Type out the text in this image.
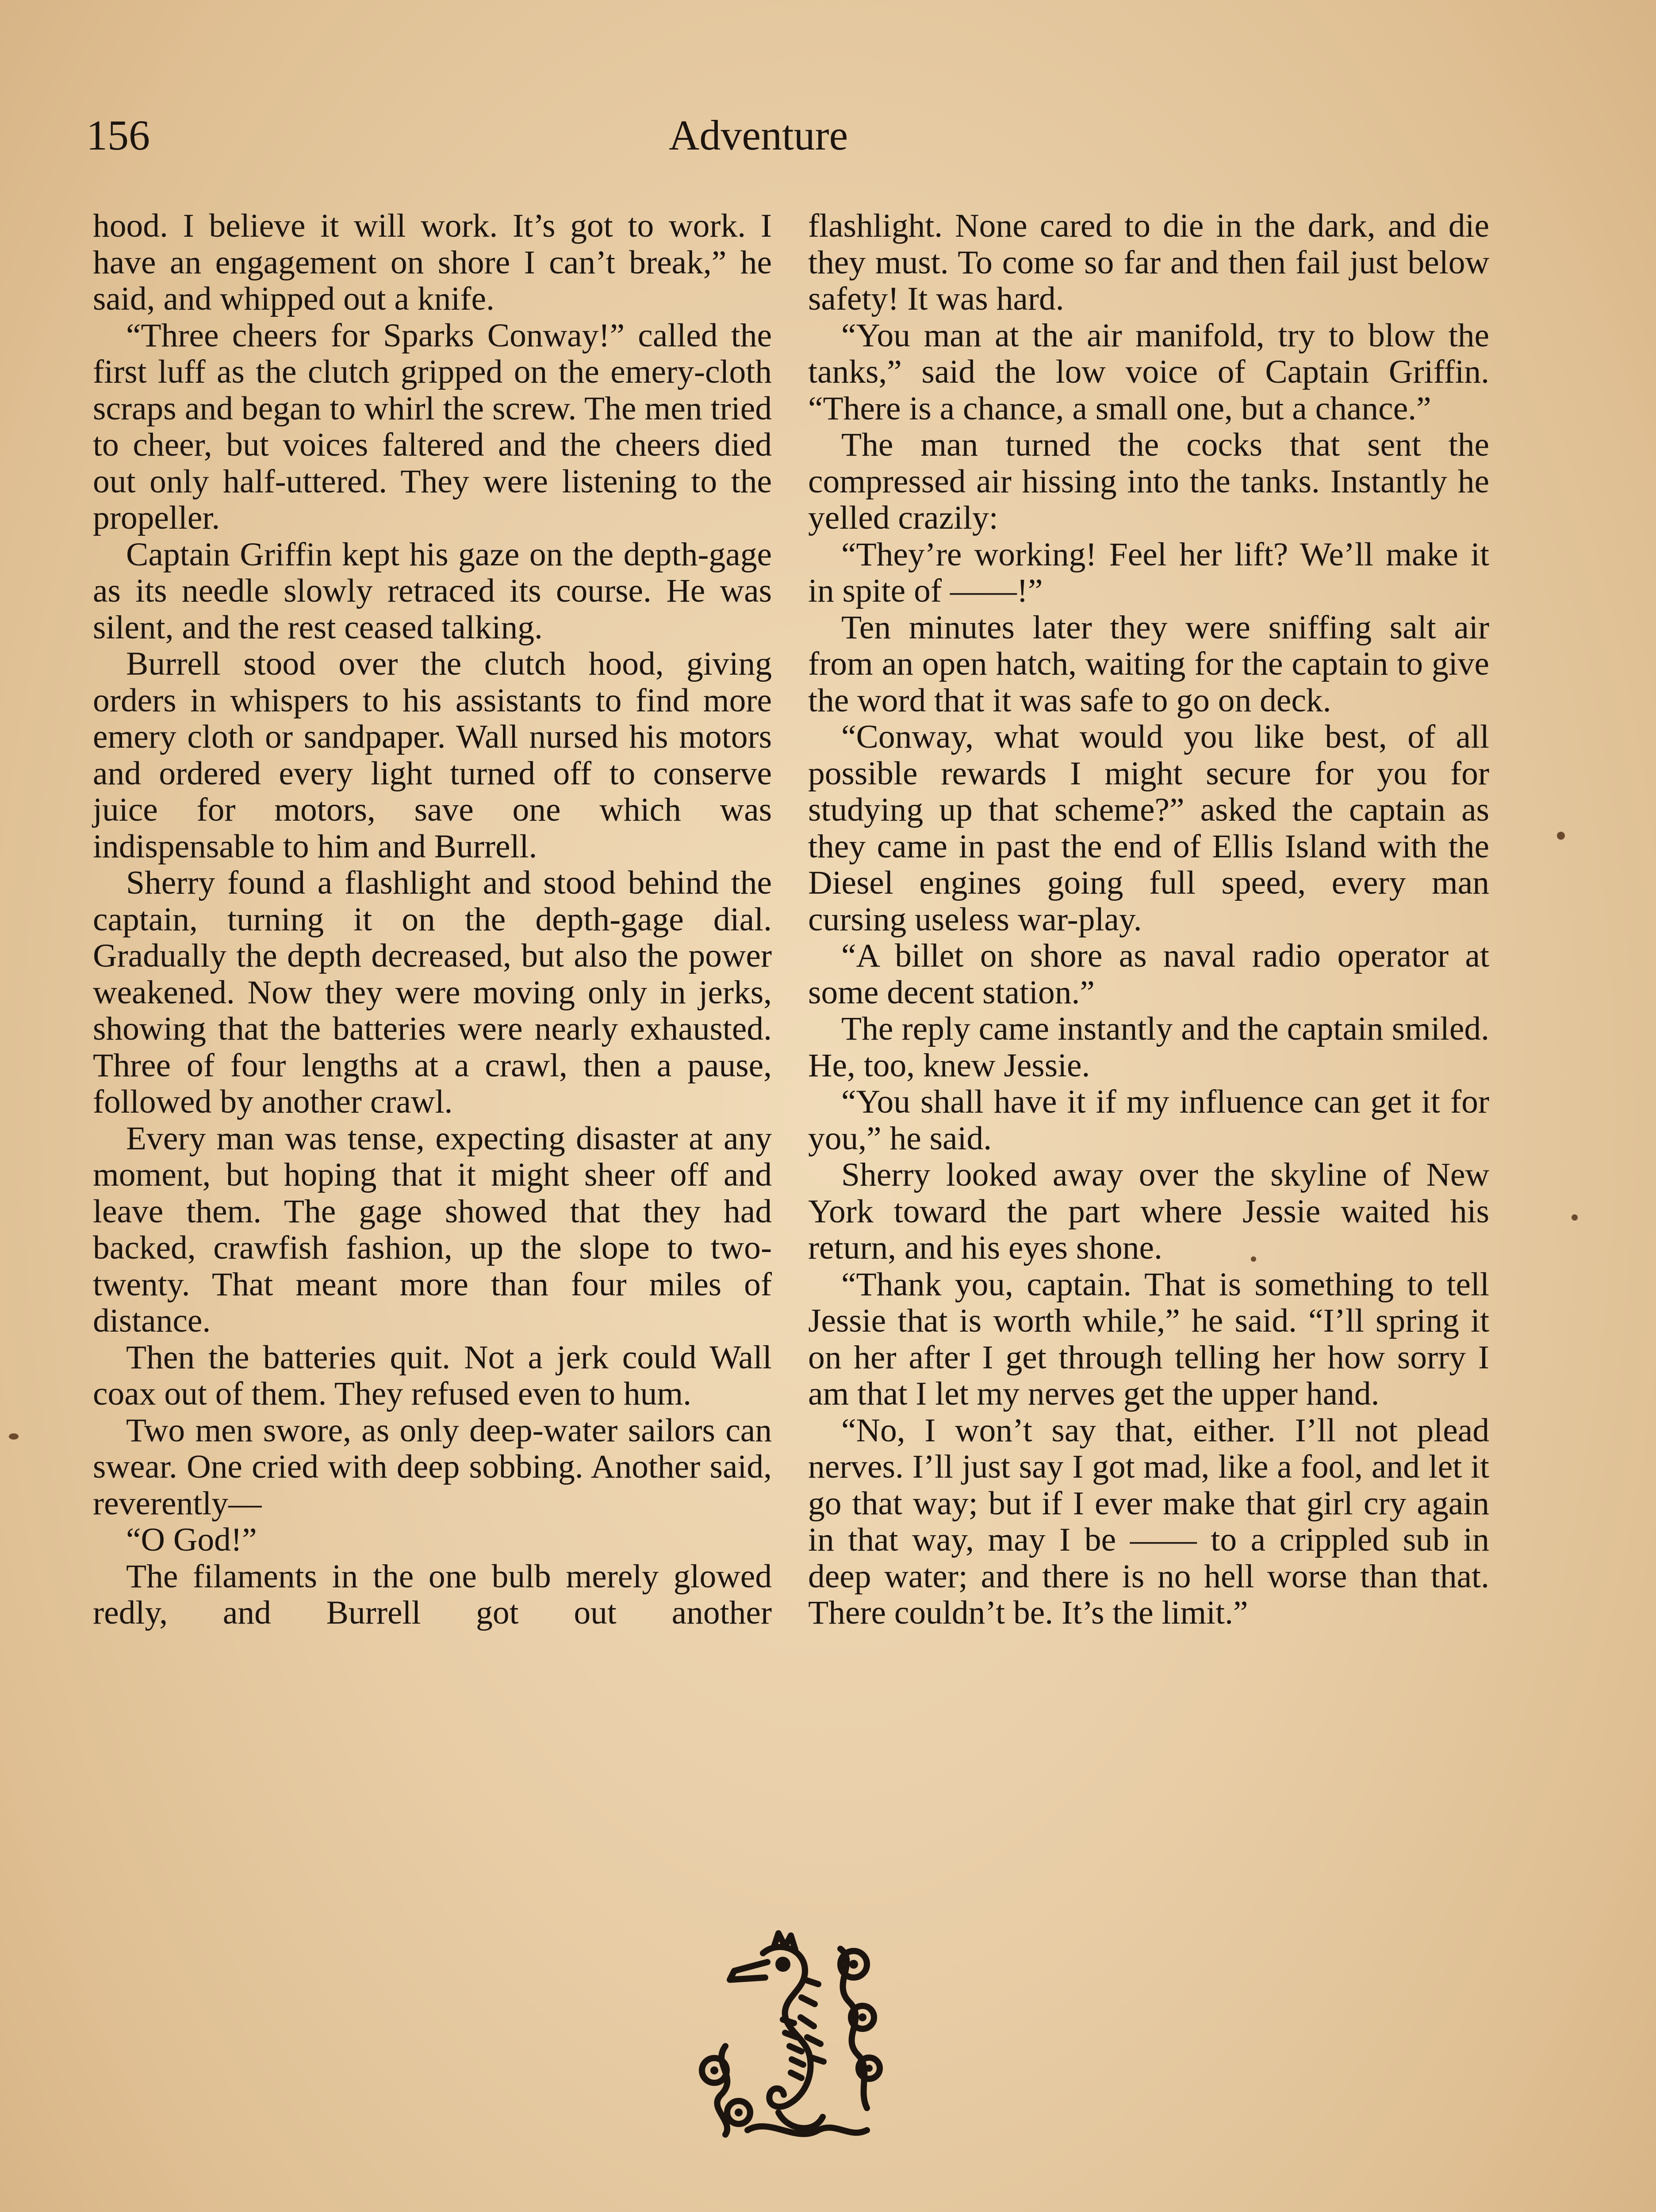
156	Adventure

hood. I believe it will work. It’s got to work. I have an engagement on shore I can’t break,” he said, and whipped out a knife.

“Three cheers for Sparks Conway!” called the first luff as the clutch gripped on the emery-cloth scraps and began to whirl the screw. The men tried to cheer, but voices faltered and the cheers died out only half-uttered. They were listening to the propeller.

Captain Griffin kept his gaze on the depth-gage as its needle slowly retraced its course. He was silent, and the rest ceased talking.

Burrell stood over the clutch hood, giving orders in whispers to his assistants to find more emery cloth or sandpaper. Wall nursed his motors and ordered every light turned off to conserve juice for motors, save one which was indispensable to him and Burrell.

Sherry found a flashlight and stood behind the captain, turning it on the depth-gage dial. Gradually the depth decreased, but also the power weakened. Now they were moving only in jerks, showing that the batteries were nearly exhausted. Three of four lengths at a crawl, then a pause, followed by another crawl.

Every man was tense, expecting disaster at any moment, but hoping that it might sheer off and leave them. The gage showed that they had backed, crawfish fashion, up the slope to two-twenty. That meant more than four miles of distance.

Then the batteries quit. Not a jerk could Wall coax out of them. They refused even to hum.

Two men swore, as only deep-water sailors can swear. One cried with deep sobbing. Another said, reverently—

“O God!”

The filaments in the one bulb merely glowed redly, and Burrell got out another

flashlight. None cared to die in the dark, and die they must. To come so far and then fail just below safety! It was hard.

“You man at the air manifold, try to blow the tanks,” said the low voice of Captain Griffin. “There is a chance, a small one, but a chance.”

The man turned the cocks that sent the compressed air hissing into the tanks. Instantly he yelled crazily:

“They’re working! Feel her lift? We’ll make it in spite of ——!”

Ten minutes later they were sniffing salt air from an open hatch, waiting for the captain to give the word that it was safe to go on deck.

“Conway, what would you like best, of all possible rewards I might secure for you for studying up that scheme?” asked the captain as they came in past the end of Ellis Island with the Diesel engines going full speed, every man cursing useless war-play.

“A billet on shore as naval radio operator at some decent station.”

The reply came instantly and the captain smiled. He, too, knew Jessie.

“You shall have it if my influence can get it for you,” he said.

Sherry looked away over the skyline of New York toward the part where Jessie waited his return, and his eyes shone.

“Thank you, captain. That is something to tell Jessie that is worth while,” he said. “I’ll spring it on her after I get through telling her how sorry I am that I let my nerves get the upper hand.

“No, I won’t say that, either. I’ll not plead nerves. I’ll just say I got mad, like a fool, and let it go that way; but if I ever make that girl cry again in that way, may I be —— to a crippled sub in deep water; and there is no hell worse than that. There couldn’t be. It’s the limit.”
